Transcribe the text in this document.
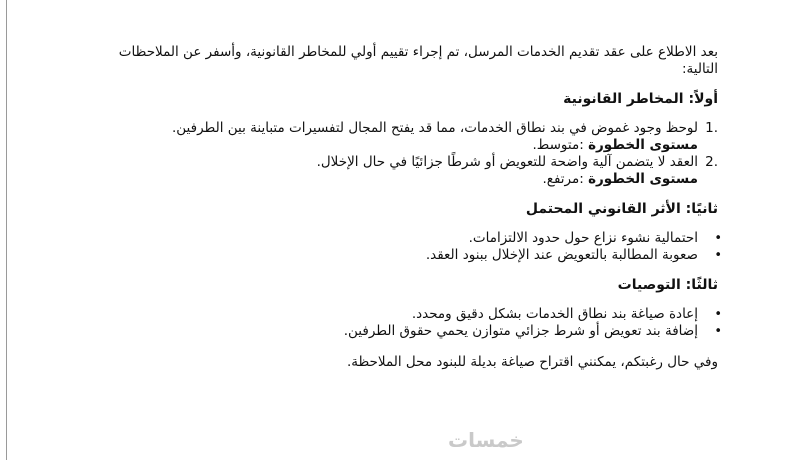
بعد الاطلاع على عقد تقديم الخدمات المرسل، تم إجراء تقييم أولي للمخاطر القانونية، وأسفر عن الملاحظات التالية:

أولاً: المخاطر القانونية
.1
لوحظ وجود غموض في بند نطاق الخدمات، مما قد يفتح المجال لتفسيرات متباينة بين الطرفين.
مستوى الخطورة :متوسط.
.2
العقد لا يتضمن آلية واضحة للتعويض أو شرطًا جزائيًا في حال الإخلال.
مستوى الخطورة :مرتفع.
ثانيًا: الأثر القانوني المحتمل
• احتمالية نشوء نزاع حول حدود الالتزامات.
• صعوبة المطالبة بالتعويض عند الإخلال ببنود العقد.
ثالثًا: التوصيات
• إعادة صياغة بند نطاق الخدمات بشكل دقيق ومحدد.
• إضافة بند تعويض أو شرط جزائي متوازن يحمي حقوق الطرفين.

وفي حال رغبتكم، يمكنني اقتراح صياغة بديلة للبنود محل الملاحظة.

خمسات
